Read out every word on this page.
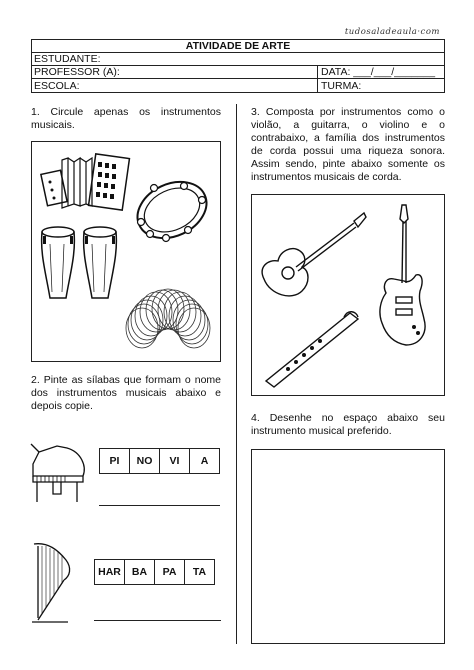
tudosaladeaula·com
ATIVIDADE DE ARTE
ESTUDANTE:
PROFESSOR (A):	DATA: ___/___/_______
ESCOLA:	TURMA:
1. Circule apenas os instrumentos musicais.
2. Pinte as sílabas que formam o nome dos instrumentos musicais abaixo e depois copie.
PI	NO	VI	A
HAR	BA	PA	TA
3. Composta por instrumentos como o violão, a guitarra, o violino e o contrabaixo, a família dos instrumentos de corda possui uma riqueza sonora. Assim sendo, pinte abaixo somente os instrumentos musicais de corda.
4. Desenhe no espaço abaixo seu instrumento musical preferido.
